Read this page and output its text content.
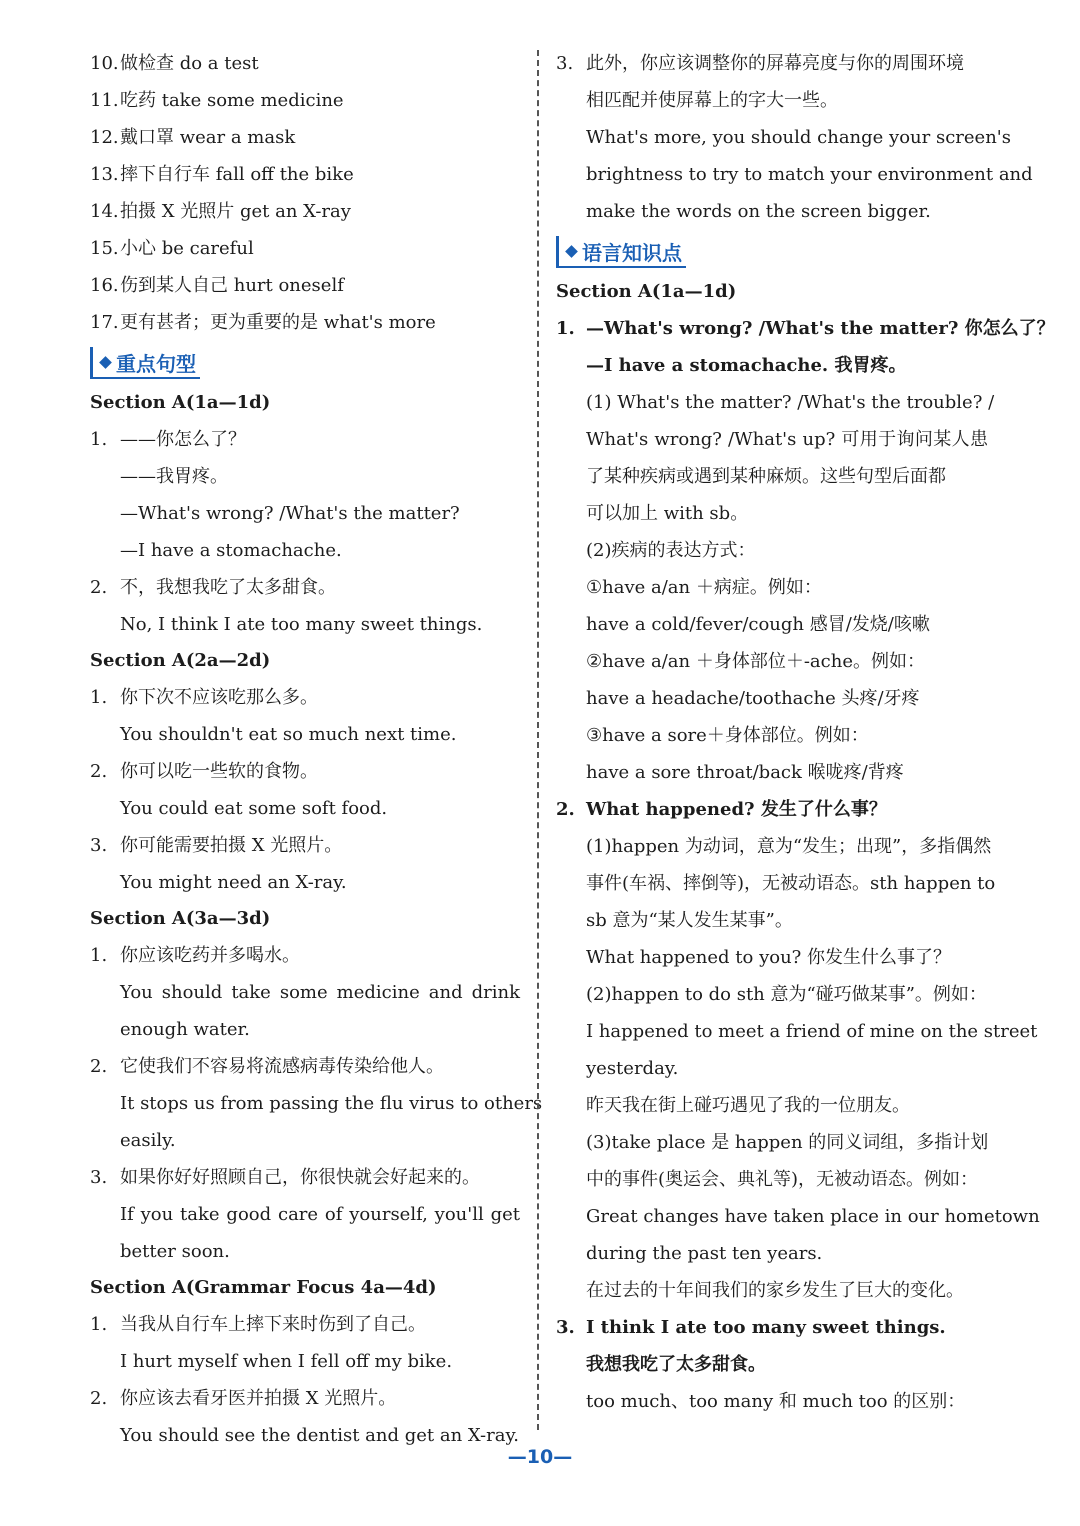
10.做检查 do a test
11.吃药 take some medicine
12.戴口罩 wear a mask
13.摔下自行车 fall off the bike
14.拍摄 X 光照片 get an X-ray
15.小心 be careful
16.伤到某人自己 hurt oneself
17.更有甚者；更为重要的是 what's more
重点句型
Section A(1a—1d)
1. ——你怎么了？
——我胃疼。
—What's wrong? /What's the matter?
—I have a stomachache.
2. 不，我想我吃了太多甜食。
No, I think I ate too many sweet things.
Section A(2a—2d)
1. 你下次不应该吃那么多。
You shouldn't eat so much next time.
2. 你可以吃一些软的食物。
You could eat some soft food.
3. 你可能需要拍摄 X 光照片。
You might need an X-ray.
Section A(3a—3d)
1. 你应该吃药并多喝水。
You should take some medicine and drink
enough water.
2. 它使我们不容易将流感病毒传染给他人。
It stops us from passing the flu virus to others
easily.
3. 如果你好好照顾自己，你很快就会好起来的。
If you take good care of yourself, you'll get
better soon.
Section A(Grammar Focus 4a—4d)
1. 当我从自行车上摔下来时伤到了自己。
I hurt myself when I fell off my bike.
2. 你应该去看牙医并拍摄 X 光照片。
You should see the dentist and get an X-ray.
3. 此外，你应该调整你的屏幕亮度与你的周围环境
相匹配并使屏幕上的字大一些。
What's more, you should change your screen's
brightness to try to match your environment and
make the words on the screen bigger.
语言知识点
Section A(1a—1d)
1. —What's wrong? /What's the matter? 你怎么了？
—I have a stomachache. 我胃疼。
(1) What's the matter? /What's the trouble? /
What's wrong? /What's up? 可用于询问某人患
了某种疾病或遇到某种麻烦。这些句型后面都
可以加上 with sb。
(2)疾病的表达方式：
①have a/an ＋病症。例如：
have a cold/fever/cough 感冒/发烧/咳嗽
②have a/an ＋身体部位＋-ache。例如：
have a headache/toothache 头疼/牙疼
③have a sore＋身体部位。例如：
have a sore throat/back 喉咙疼/背疼
2. What happened? 发生了什么事？
(1)happen 为动词，意为“发生；出现”，多指偶然
事件(车祸、摔倒等)，无被动语态。sth happen to
sb 意为“某人发生某事”。
What happened to you? 你发生什么事了？
(2)happen to do sth 意为“碰巧做某事”。例如：
I happened to meet a friend of mine on the street
yesterday.
昨天我在街上碰巧遇见了我的一位朋友。
(3)take place 是 happen 的同义词组，多指计划
中的事件(奥运会、典礼等)，无被动语态。例如：
Great changes have taken place in our hometown
during the past ten years.
在过去的十年间我们的家乡发生了巨大的变化。
3. I think I ate too many sweet things.
我想我吃了太多甜食。
too much、too many 和 much too 的区别：
—10—
